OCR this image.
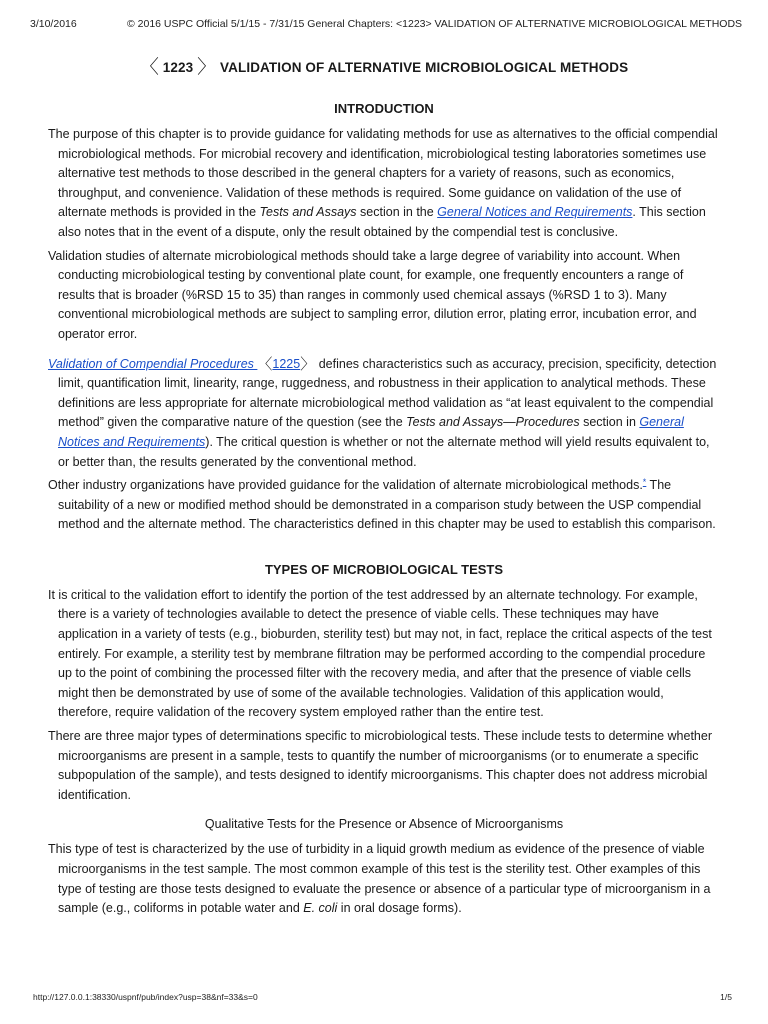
3/10/2016	© 2016 USPC Official 5/1/15 - 7/31/15 General Chapters: <1223> VALIDATION OF ALTERNATIVE MICROBIOLOGICAL METHODS
〈 1223 〉 VALIDATION OF ALTERNATIVE MICROBIOLOGICAL METHODS
INTRODUCTION

The purpose of this chapter is to provide guidance for validating methods for use as alternatives to the official compendial microbiological methods. For microbial recovery and identification, microbiological testing laboratories sometimes use alternative test methods to those described in the general chapters for a variety of reasons, such as economics, throughput, and convenience. Validation of these methods is required. Some guidance on validation of the use of alternate methods is provided in the Tests and Assays section in the General Notices and Requirements. This section also notes that in the event of a dispute, only the result obtained by the compendial test is conclusive.

Validation studies of alternate microbiological methods should take a large degree of variability into account. When conducting microbiological testing by conventional plate count, for example, one frequently encounters a range of results that is broader (%RSD 15 to 35) than ranges in commonly used chemical assays (%RSD 1 to 3). Many conventional microbiological methods are subject to sampling error, dilution error, plating error, incubation error, and operator error.

Validation of Compendial Procedures 〈1225〉 defines characteristics such as accuracy, precision, specificity, detection limit, quantification limit, linearity, range, ruggedness, and robustness in their application to analytical methods. These definitions are less appropriate for alternate microbiological method validation as “at least equivalent to the compendial method” given the comparative nature of the question (see the Tests and Assays—Procedures section in General Notices and Requirements). The critical question is whether or not the alternate method will yield results equivalent to, or better than, the results generated by the conventional method.

Other industry organizations have provided guidance for the validation of alternate microbiological methods.* The suitability of a new or modified method should be demonstrated in a comparison study between the USP compendial method and the alternate method. The characteristics defined in this chapter may be used to establish this comparison.

TYPES OF MICROBIOLOGICAL TESTS

It is critical to the validation effort to identify the portion of the test addressed by an alternate technology. For example, there is a variety of technologies available to detect the presence of viable cells. These techniques may have application in a variety of tests (e.g., bioburden, sterility test) but may not, in fact, replace the critical aspects of the test entirely. For example, a sterility test by membrane filtration may be performed according to the compendial procedure up to the point of combining the processed filter with the recovery media, and after that the presence of viable cells might then be demonstrated by use of some of the available technologies. Validation of this application would, therefore, require validation of the recovery system employed rather than the entire test.

There are three major types of determinations specific to microbiological tests. These include tests to determine whether microorganisms are present in a sample, tests to quantify the number of microorganisms (or to enumerate a specific subpopulation of the sample), and tests designed to identify microorganisms. This chapter does not address microbial identification.

Qualitative Tests for the Presence or Absence of Microorganisms

This type of test is characterized by the use of turbidity in a liquid growth medium as evidence of the presence of viable microorganisms in the test sample. The most common example of this test is the sterility test. Other examples of this type of testing are those tests designed to evaluate the presence or absence of a particular type of microorganism in a sample (e.g., coliforms in potable water and E. coli in oral dosage forms).

http://127.0.0.1:38330/uspnf/pub/index?usp=38&nf=33&s=0	1/5
